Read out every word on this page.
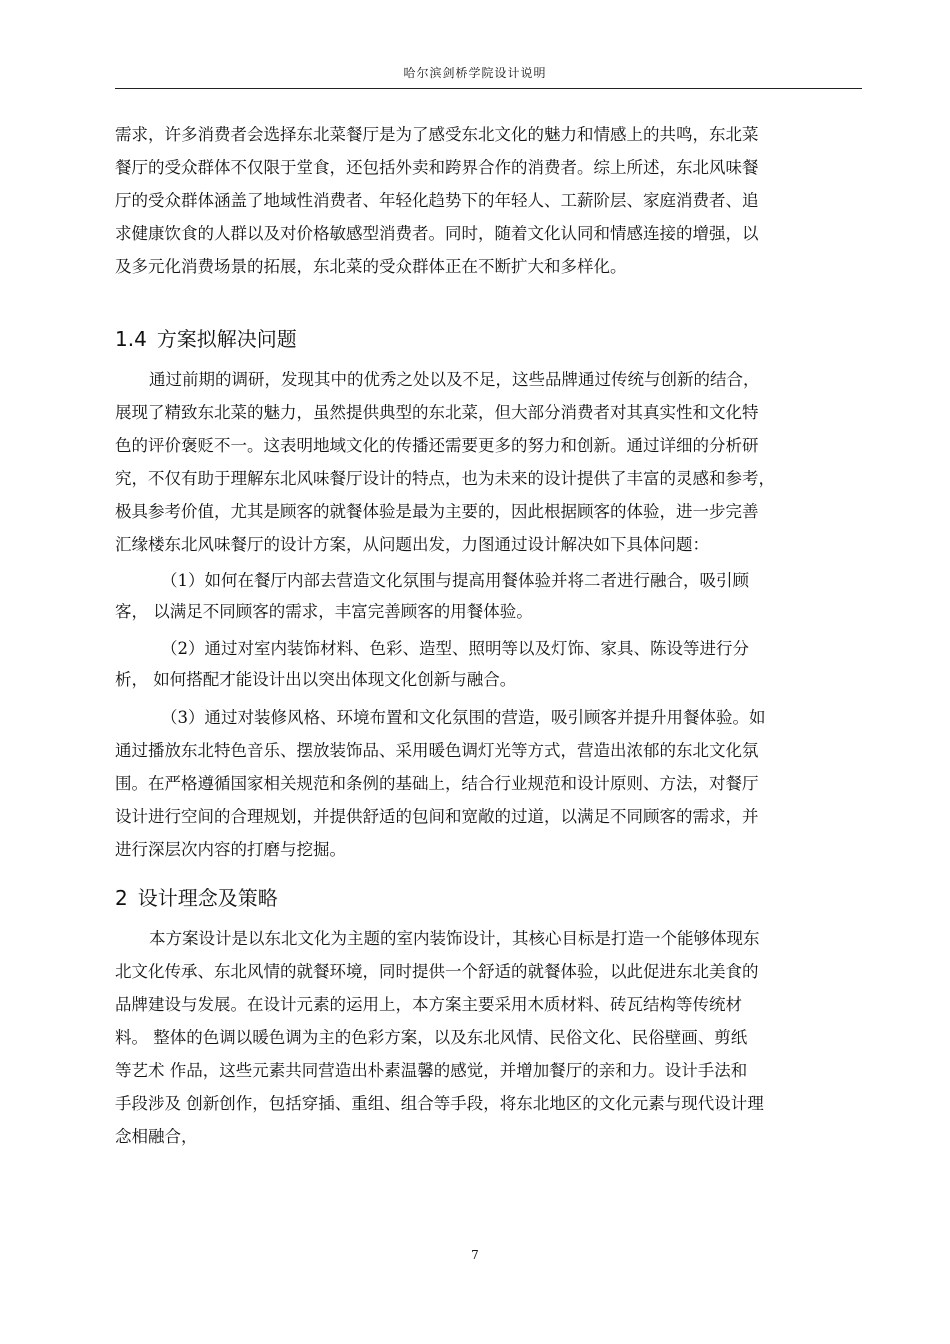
哈尔滨剑桥学院设计说明

需求，许多消费者会选择东北菜餐厅是为了感受东北文化的魅力和情感上的共鸣，东北菜
餐厅的受众群体不仅限于堂食，还包括外卖和跨界合作的消费者。综上所述，东北风味餐
厅的受众群体涵盖了地域性消费者、年轻化趋势下的年轻人、工薪阶层、家庭消费者、追
求健康饮食的人群以及对价格敏感型消费者。同时，随着文化认同和情感连接的增强，以
及多元化消费场景的拓展，东北菜的受众群体正在不断扩大和多样化。

1.4 方案拟解决问题

通过前期的调研，发现其中的优秀之处以及不足，这些品牌通过传统与创新的结合，
展现了精致东北菜的魅力，虽然提供典型的东北菜，但大部分消费者对其真实性和文化特
色的评价褒贬不一。这表明地域文化的传播还需要更多的努力和创新。通过详细的分析研
究，不仅有助于理解东北风味餐厅设计的特点，也为未来的设计提供了丰富的灵感和参考，
极具参考价值，尤其是顾客的就餐体验是最为主要的，因此根据顾客的体验，进一步完善
汇缘楼东北风味餐厅的设计方案，从问题出发，力图通过设计解决如下具体问题：

（1）如何在餐厅内部去营造文化氛围与提高用餐体验并将二者进行融合，吸引顾
客， 以满足不同顾客的需求，丰富完善顾客的用餐体验。

（2）通过对室内装饰材料、色彩、造型、照明等以及灯饰、家具、陈设等进行分
析， 如何搭配才能设计出以突出体现文化创新与融合。

（3）通过对装修风格、环境布置和文化氛围的营造，吸引顾客并提升用餐体验。如
通过播放东北特色音乐、摆放装饰品、采用暖色调灯光等方式，营造出浓郁的东北文化氛
围。在严格遵循国家相关规范和条例的基础上，结合行业规范和设计原则、方法，对餐厅
设计进行空间的合理规划，并提供舒适的包间和宽敞的过道，以满足不同顾客的需求，并
进行深层次内容的打磨与挖掘。

2 设计理念及策略

本方案设计是以东北文化为主题的室内装饰设计，其核心目标是打造一个能够体现东
北文化传承、东北风情的就餐环境，同时提供一个舒适的就餐体验，以此促进东北美食的
品牌建设与发展。在设计元素的运用上，本方案主要采用木质材料、砖瓦结构等传统材
料。 整体的色调以暖色调为主的色彩方案，以及东北风情、民俗文化、民俗壁画、剪纸
等艺术 作品，这些元素共同营造出朴素温馨的感觉，并增加餐厅的亲和力。设计手法和
手段涉及 创新创作，包括穿插、重组、组合等手段，将东北地区的文化元素与现代设计理
念相融合，

7
